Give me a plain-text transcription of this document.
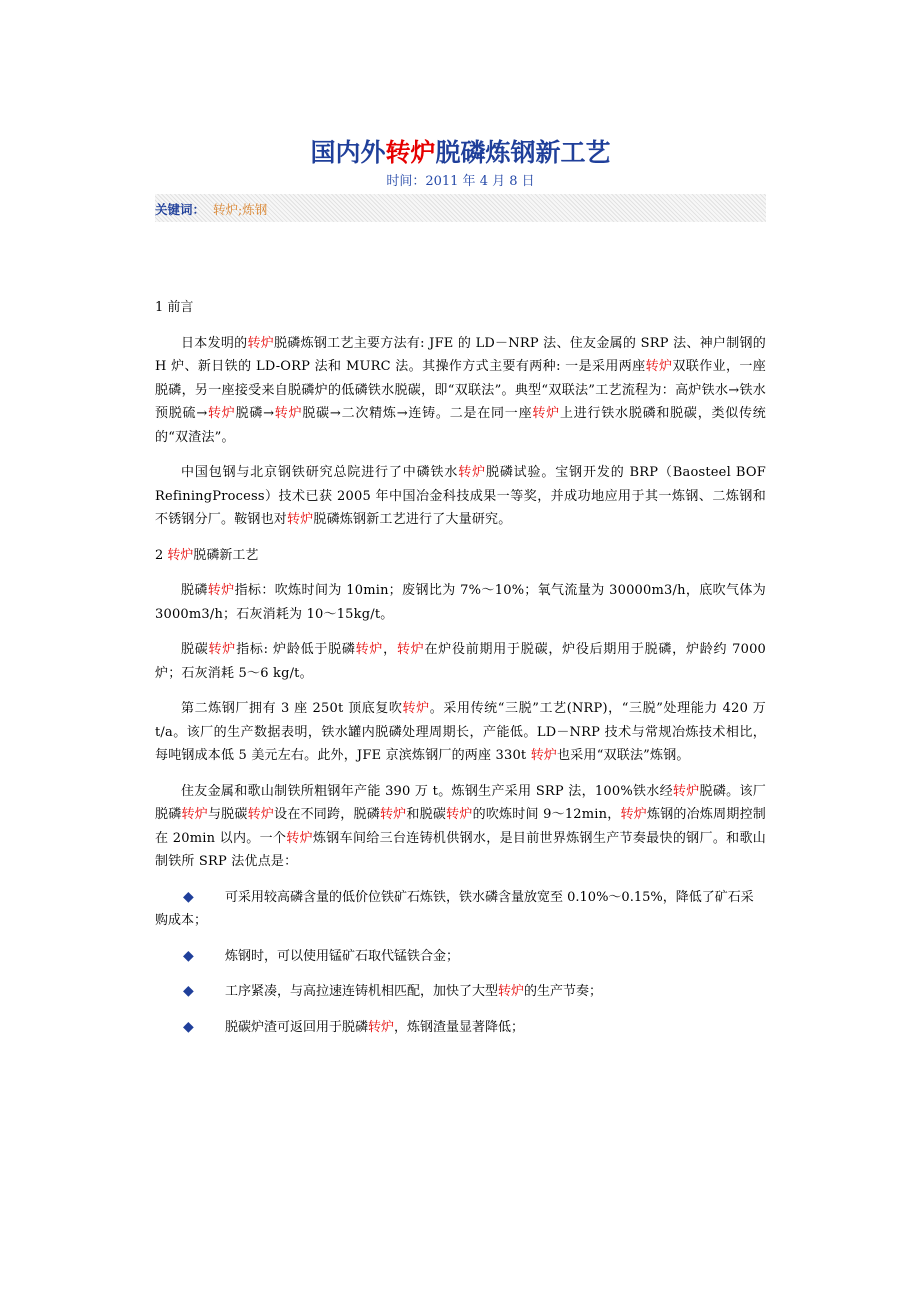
国内外转炉脱磷炼钢新工艺
时间：2011 年 4 月 8 日
关键词： 转炉;炼钢

1 前言

日本发明的转炉脱磷炼钢工艺主要方法有: JFE 的 LD－NRP 法、住友金属的 SRP 法、神户制钢的 H 炉、新日铁的 LD-ORP 法和 MURC 法。其操作方式主要有两种: 一是采用两座转炉双联作业，一座脱磷，另一座接受来自脱磷炉的低磷铁水脱碳，即“双联法”。典型“双联法”工艺流程为：高炉铁水→铁水预脱硫→转炉脱磷→转炉脱碳→二次精炼→连铸。二是在同一座转炉上进行铁水脱磷和脱碳，类似传统的“双渣法”。

中国包钢与北京钢铁研究总院进行了中磷铁水转炉脱磷试验。宝钢开发的 BRP（Baosteel BOF RefiningProcess）技术已获 2005 年中国冶金科技成果一等奖，并成功地应用于其一炼钢、二炼钢和不锈钢分厂。鞍钢也对转炉脱磷炼钢新工艺进行了大量研究。

2 转炉脱磷新工艺

脱磷转炉指标：吹炼时间为 10min；废钢比为 7%～10%；氧气流量为 30000m3/h，底吹气体为 3000m3/h；石灰消耗为 10～15kg/t。

脱碳转炉指标: 炉龄低于脱磷转炉，转炉在炉役前期用于脱碳，炉役后期用于脱磷，炉龄约 7000 炉；石灰消耗 5～6 kg/t。

第二炼钢厂拥有 3 座 250t 顶底复吹转炉。采用传统“三脱”工艺(NRP)，“三脱”处理能力 420 万 t/a。该厂的生产数据表明，铁水罐内脱磷处理周期长，产能低。LD－NRP 技术与常规冶炼技术相比，每吨钢成本低 5 美元左右。此外，JFE 京滨炼钢厂的两座 330t 转炉也采用“双联法”炼钢。

住友金属和歌山制铁所粗钢年产能 390 万 t。炼钢生产采用 SRP 法，100%铁水经转炉脱磷。该厂脱磷转炉与脱碳转炉设在不同跨，脱磷转炉和脱碳转炉的吹炼时间 9～12min，转炉炼钢的冶炼周期控制在 20min 以内。一个转炉炼钢车间给三台连铸机供钢水，是目前世界炼钢生产节奏最快的钢厂。和歌山制铁所 SRP 法优点是：

◆	可采用较高磷含量的低价位铁矿石炼铁，铁水磷含量放宽至 0.10%～0.15%，降低了矿石采

购成本；

◆	炼钢时，可以使用锰矿石取代锰铁合金；
◆	工序紧凑，与高拉速连铸机相匹配，加快了大型转炉的生产节奏；
◆	脱碳炉渣可返回用于脱磷转炉，炼钢渣量显著降低；
